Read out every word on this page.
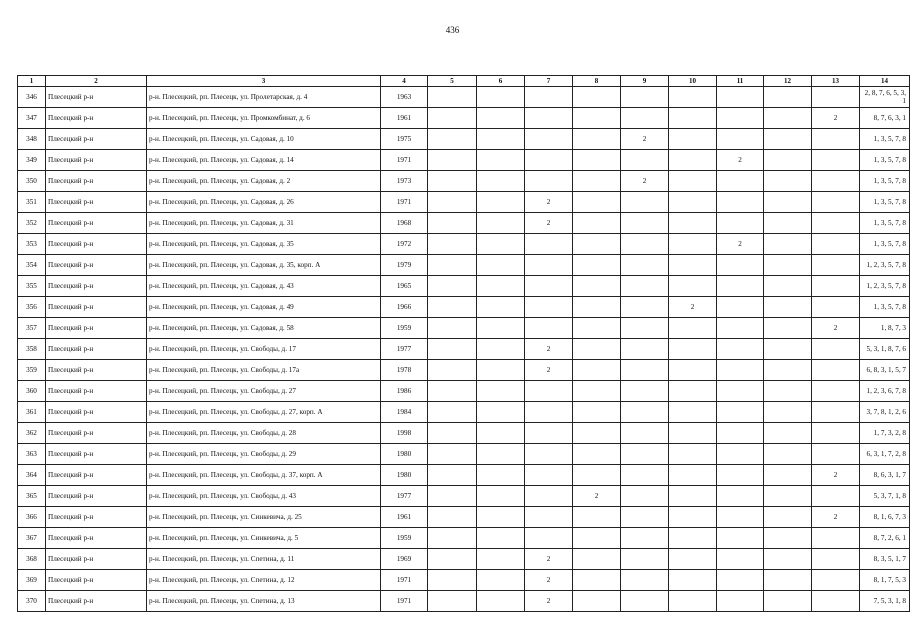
436
1	2	3	4	5	6	7	8	9	10	11	12	13	14
346	Плесецкий р-н	р-н. Плесецкий, рп. Плесецк, ул. Пролетарская, д. 4	1963										2, 8, 7, 6, 5, 3, 1
347	Плесецкий р-н	р-н. Плесецкий, рп. Плесецк, ул. Промкомбинат, д. 6	1961									2	8, 7, 6, 3, 1
348	Плесецкий р-н	р-н. Плесецкий, рп. Плесецк, ул. Садовая, д. 10	1975					2					1, 3, 5, 7, 8
349	Плесецкий р-н	р-н. Плесецкий, рп. Плесецк, ул. Садовая, д. 14	1971							2			1, 3, 5, 7, 8
350	Плесецкий р-н	р-н. Плесецкий, рп. Плесецк, ул. Садовая, д. 2	1973					2					1, 3, 5, 7, 8
351	Плесецкий р-н	р-н. Плесецкий, рп. Плесецк, ул. Садовая, д. 26	1971			2							1, 3, 5, 7, 8
352	Плесецкий р-н	р-н. Плесецкий, рп. Плесецк, ул. Садовая, д. 31	1968			2							1, 3, 5, 7, 8
353	Плесецкий р-н	р-н. Плесецкий, рп. Плесецк, ул. Садовая, д. 35	1972							2			1, 3, 5, 7, 8
354	Плесецкий р-н	р-н. Плесецкий, рп. Плесецк, ул. Садовая, д. 35, корп. А	1979										1, 2, 3, 5, 7, 8
355	Плесецкий р-н	р-н. Плесецкий, рп. Плесецк, ул. Садовая, д. 43	1965										1, 2, 3, 5, 7, 8
356	Плесецкий р-н	р-н. Плесецкий, рп. Плесецк, ул. Садовая, д. 49	1966						2				1, 3, 5, 7, 8
357	Плесецкий р-н	р-н. Плесецкий, рп. Плесецк, ул. Садовая, д. 58	1959									2	1, 8, 7, 3
358	Плесецкий р-н	р-н. Плесецкий, рп. Плесецк, ул. Свободы, д. 17	1977			2							5, 3, 1, 8, 7, 6
359	Плесецкий р-н	р-н. Плесецкий, рп. Плесецк, ул. Свободы, д. 17а	1978			2							6, 8, 3, 1, 5, 7
360	Плесецкий р-н	р-н. Плесецкий, рп. Плесецк, ул. Свободы, д. 27	1986										1, 2, 3, 6, 7, 8
361	Плесецкий р-н	р-н. Плесецкий, рп. Плесецк, ул. Свободы, д. 27, корп. А	1984										3, 7, 8, 1, 2, 6
362	Плесецкий р-н	р-н. Плесецкий, рп. Плесецк, ул. Свободы, д. 28	1998										1, 7, 3, 2, 8
363	Плесецкий р-н	р-н. Плесецкий, рп. Плесецк, ул. Свободы, д. 29	1980										6, 3, 1, 7, 2, 8
364	Плесецкий р-н	р-н. Плесецкий, рп. Плесецк, ул. Свободы, д. 37, корп. А	1980									2	8, 6, 3, 1, 7
365	Плесецкий р-н	р-н. Плесецкий, рп. Плесецк, ул. Свободы, д. 43	1977				2						5, 3, 7, 1, 8
366	Плесецкий р-н	р-н. Плесецкий, рп. Плесецк, ул. Синкевича, д. 25	1961									2	8, 1, 6, 7, 3
367	Плесецкий р-н	р-н. Плесецкий, рп. Плесецк, ул. Синкевича, д. 5	1959										8, 7, 2, 6, 1
368	Плесецкий р-н	р-н. Плесецкий, рп. Плесецк, ул. Спетина, д. 11	1969			2							8, 3, 5, 1, 7
369	Плесецкий р-н	р-н. Плесецкий, рп. Плесецк, ул. Спетина, д. 12	1971			2							8, 1, 7, 5, 3
370	Плесецкий р-н	р-н. Плесецкий, рп. Плесецк, ул. Спетина, д. 13	1971			2							7, 5, 3, 1, 8
